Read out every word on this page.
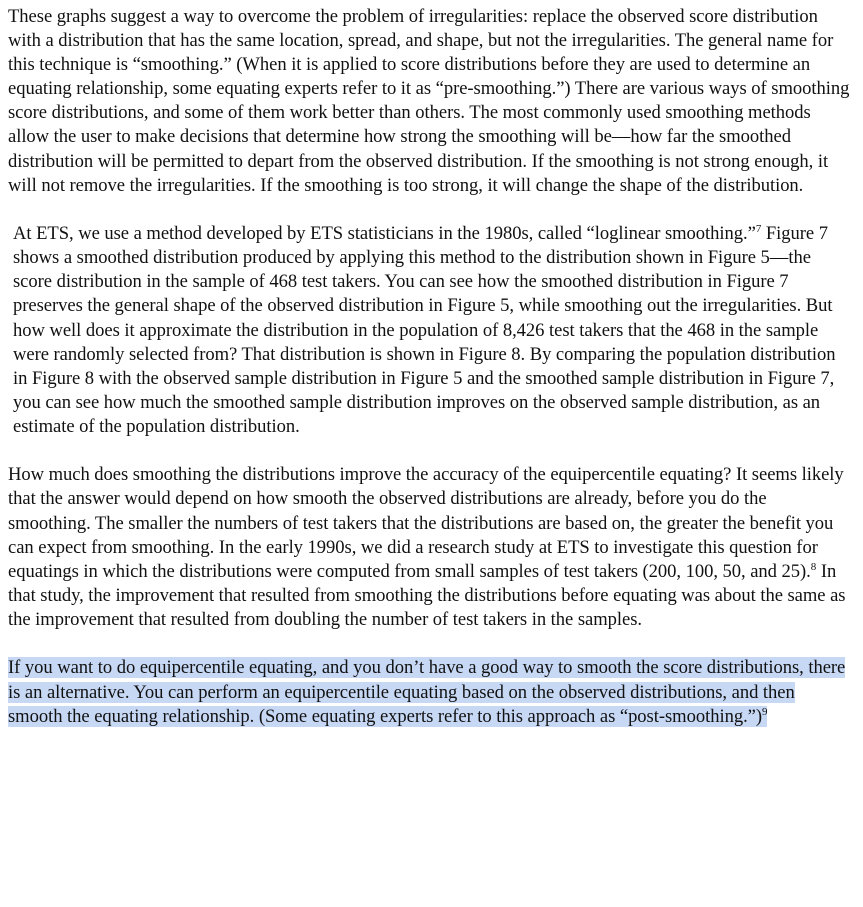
These graphs suggest a way to overcome the problem of irregularities: replace the observed score distribution with a distribution that has the same location, spread, and shape, but not the irregularities. The general name for this technique is “smoothing.” (When it is applied to score distributions before they are used to determine an equating relationship, some equating experts refer to it as “pre-smoothing.”) There are various ways of smoothing score distributions, and some of them work better than others. The most commonly used smoothing methods allow the user to make decisions that determine how strong the smoothing will be—how far the smoothed distribution will be permitted to depart from the observed distribution. If the smoothing is not strong enough, it will not remove the irregularities. If the smoothing is too strong, it will change the shape of the distribution.

At ETS, we use a method developed by ETS statisticians in the 1980s, called “loglinear smoothing.”$^7$ Figure 7 shows a smoothed distribution produced by applying this method to the distribution shown in Figure 5—the score distribution in the sample of 468 test takers. You can see how the smoothed distribution in Figure 7 preserves the general shape of the observed distribution in Figure 5, while smoothing out the irregularities. But how well does it approximate the distribution in the population of 8,426 test takers that the 468 in the sample were randomly selected from? That distribution is shown in Figure 8. By comparing the population distribution in Figure 8 with the observed sample distribution in Figure 5 and the smoothed sample distribution in Figure 7, you can see how much the smoothed sample distribution improves on the observed sample distribution, as an estimate of the population distribution.

How much does smoothing the distributions improve the accuracy of the equipercentile equating? It seems likely that the answer would depend on how smooth the observed distributions are already, before you do the smoothing. The smaller the numbers of test takers that the distributions are based on, the greater the benefit you can expect from smoothing. In the early 1990s, we did a research study at ETS to investigate this question for equatings in which the distributions were computed from small samples of test takers (200, 100, 50, and 25).$^8$ In that study, the improvement that resulted from smoothing the distributions before equating was about the same as the improvement that resulted from doubling the number of test takers in the samples.

If you want to do equipercentile equating, and you don’t have a good way to smooth the score distributions, there is an alternative. You can perform an equipercentile equating based on the observed distributions, and then smooth the equating relationship. (Some equating experts refer to this approach as “post-smoothing.”)$^9$
